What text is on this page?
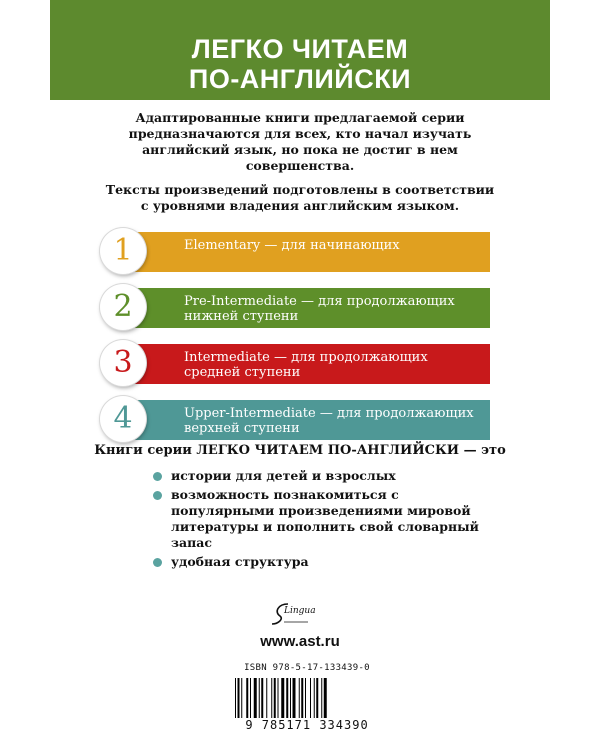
ЛЕГКО ЧИТАЕМ
ПО-АНГЛИЙСКИ

Адаптированные книги предлагаемой серии предназначаются для всех, кто начал изучать английский язык, но пока не достиг в нем совершенства.

Тексты произведений подготовлены в соответствии с уровнями владения английским языком.

Elementary — для начинающих
1
Pre-Intermediate — для продолжающих
нижней ступени
2
Intermediate — для продолжающих
средней ступени
3
Upper-Intermediate — для продолжающих
верхней ступени
4
Книги серии ЛЕГКО ЧИТАЕМ ПО-АНГЛИЙСКИ — это
истории для детей и взрослых
возможность познакомиться с популярными произведениями мировой литературы и пополнить свой словарный запас
удобная структура
Lingua
www.ast.ru
ISBN 978-5-17-133439-0
9 785171 334390
